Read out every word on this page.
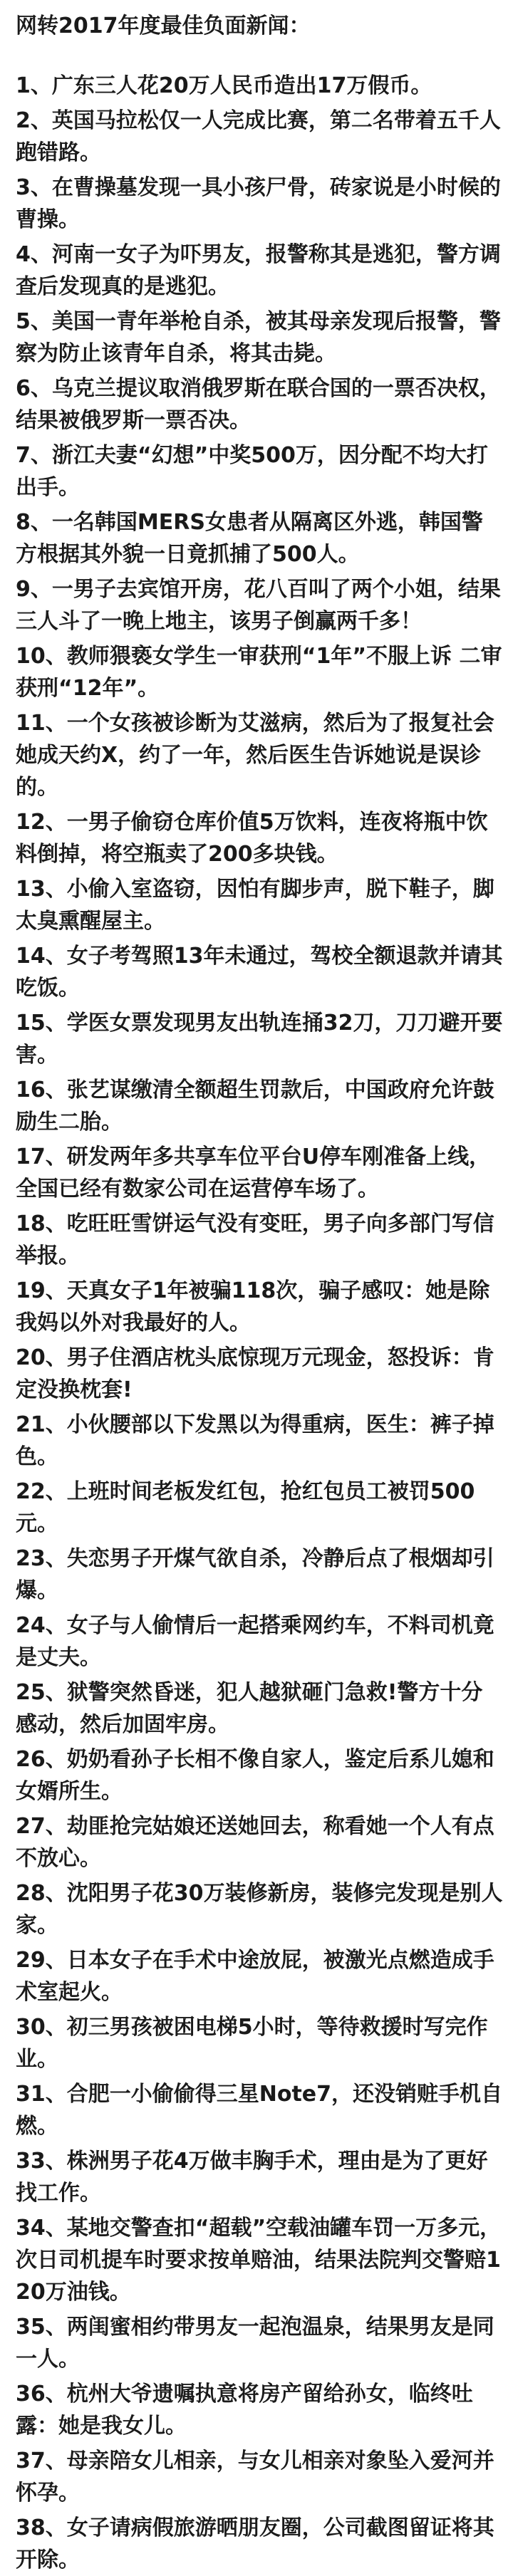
网转2017年度最佳负面新闻：
1、广东三人花20万人民币造出17万假币。
2、英国马拉松仅一人完成比赛，第二名带着五千人跑错路。
3、在曹操墓发现一具小孩尸骨，砖家说是小时候的曹操。
4、河南一女子为吓男友，报警称其是逃犯，警方调查后发现真的是逃犯。
5、美国一青年举枪自杀，被其母亲发现后报警，警察为防止该青年自杀，将其击毙。
6、乌克兰提议取消俄罗斯在联合国的一票否决权，结果被俄罗斯一票否决。
7、浙江夫妻“幻想”中奖500万，因分配不均大打出手。
8、一名韩国MERS女患者从隔离区外逃，韩国警方根据其外貌一日竟抓捕了500人。
9、一男子去宾馆开房，花八百叫了两个小姐，结果三人斗了一晚上地主，该男子倒赢两千多！
10、教师猥亵女学生一审获刑“1年”不服上诉 二审获刑“12年”。
11、一个女孩被诊断为艾滋病，然后为了报复社会她成天约X，约了一年，然后医生告诉她说是误诊的。
12、一男子偷窃仓库价值5万饮料，连夜将瓶中饮料倒掉，将空瓶卖了200多块钱。
13、小偷入室盗窃，因怕有脚步声，脱下鞋子，脚太臭熏醒屋主。
14、女子考驾照13年未通过，驾校全额退款并请其吃饭。
15、学医女票发现男友出轨连捅32刀，刀刀避开要害。
16、张艺谋缴清全额超生罚款后，中国政府允许鼓励生二胎。
17、研发两年多共享车位平台U停车刚准备上线，全国已经有数家公司在运营停车场了。
18、吃旺旺雪饼运气没有变旺，男子向多部门写信举报。
19、天真女子1年被骗118次，骗子感叹：她是除我妈以外对我最好的人。
20、男子住酒店枕头底惊现万元现金，怒投诉：肯定没换枕套!
21、小伙腰部以下发黑以为得重病，医生：裤子掉色。
22、上班时间老板发红包，抢红包员工被罚500元。
23、失恋男子开煤气欲自杀，冷静后点了根烟却引爆。
24、女子与人偷情后一起搭乘网约车，不料司机竟是丈夫。
25、狱警突然昏迷，犯人越狱砸门急救!警方十分感动，然后加固牢房。
26、奶奶看孙子长相不像自家人，鉴定后系儿媳和女婿所生。
27、劫匪抢完姑娘还送她回去，称看她一个人有点不放心。
28、沈阳男子花30万装修新房，装修完发现是别人家。
29、日本女子在手术中途放屁，被激光点燃造成手术室起火。
30、初三男孩被困电梯5小时，等待救援时写完作业。
31、合肥一小偷偷得三星Note7，还没销赃手机自燃。
33、株洲男子花4万做丰胸手术，理由是为了更好找工作。
34、某地交警查扣“超载”空载油罐车罚一万多元，次日司机提车时要求按单赔油，结果法院判交警赔120万油钱。
35、两闺蜜相约带男友一起泡温泉，结果男友是同一人。
36、杭州大爷遗嘱执意将房产留给孙女，临终吐露：她是我女儿。
37、母亲陪女儿相亲，与女儿相亲对象坠入爱河并怀孕。
38、女子请病假旅游晒朋友圈，公司截图留证将其开除。
